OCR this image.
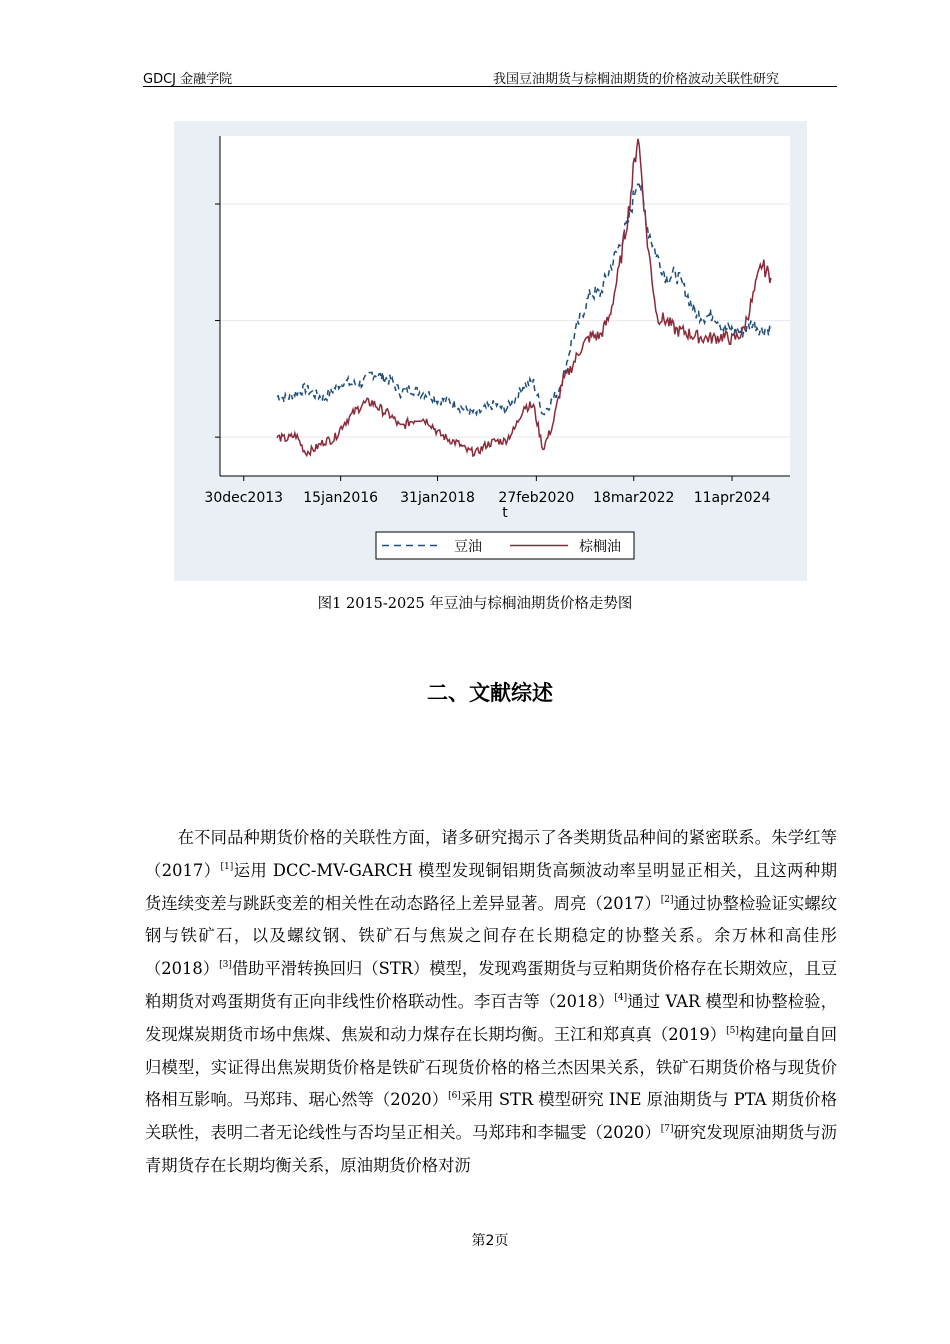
GDCJ 金融学院	我国豆油期货与棕榈油期货的价格波动关联性研究
30dec2013 15jan2016 31jan2018 27feb2020 18mar2022 11apr2024
t
豆油	棕榈油
图1 2015-2025 年豆油与棕榈油期货价格走势图
二、文献综述

在不同品种期货价格的关联性方面，诸多研究揭示了各类期货品种间的紧密联系。朱学红等（2017）[1]运用 DCC-MV-GARCH 模型发现铜铝期货高频波动率呈明显正相关，且这两种期货连续变差与跳跃变差的相关性在动态路径上差异显著。周亮（2017）[2]通过协整检验证实螺纹钢与铁矿石，以及螺纹钢、铁矿石与焦炭之间存在长期稳定的协整关系。余万林和高佳彤（2018）[3]借助平滑转换回归（STR）模型，发现鸡蛋期货与豆粕期货价格存在长期效应，且豆粕期货对鸡蛋期货有正向非线性价格联动性。李百吉等（2018）[4]通过 VAR 模型和协整检验，发现煤炭期货市场中焦煤、焦炭和动力煤存在长期均衡。王江和郑真真（2019）[5]构建向量自回归模型，实证得出焦炭期货价格是铁矿石现货价格的格兰杰因果关系，铁矿石期货价格与现货价格相互影响。马郑玮、琚心然等（2020）[6]采用 STR 模型研究 INE 原油期货与 PTA 期货价格关联性，表明二者无论线性与否均呈正相关。马郑玮和李韫雯（2020）[7]研究发现原油期货与沥青期货存在长期均衡关系，原油期货价格对沥

第2页
